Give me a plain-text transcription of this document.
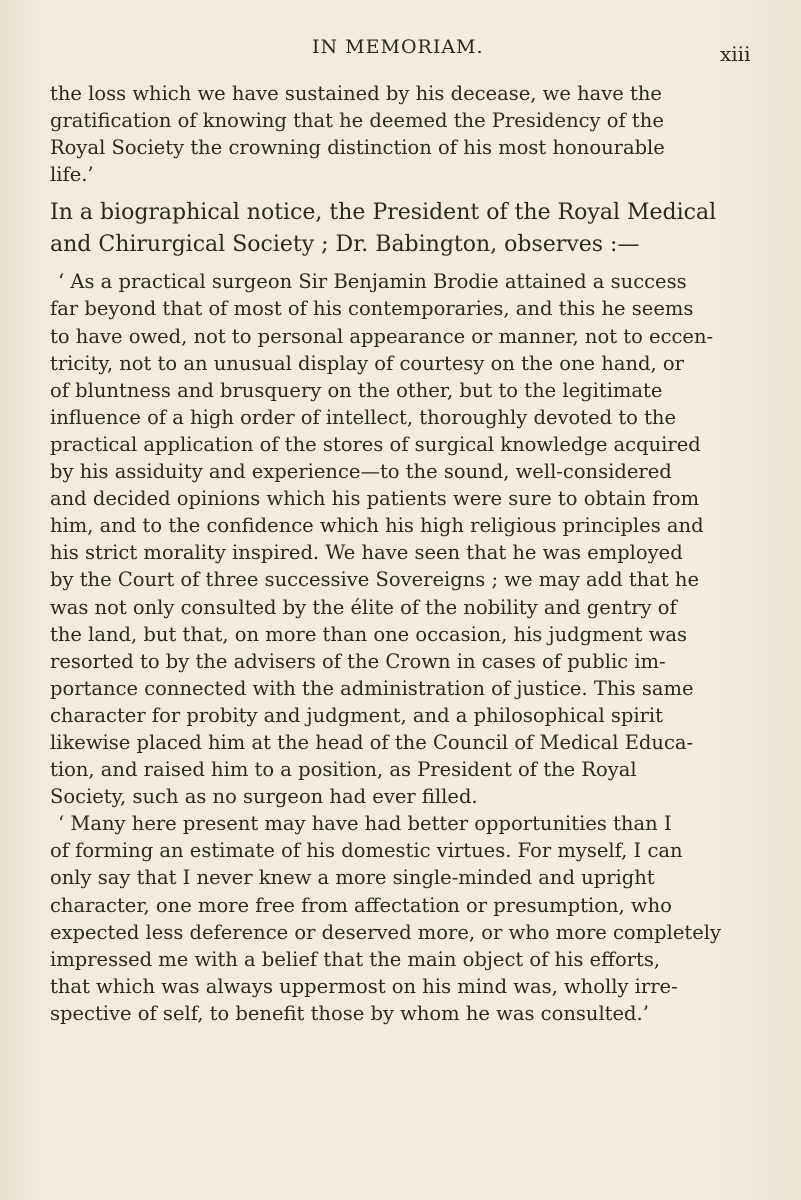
IN MEMORIAM.	xiii
the loss which we have sustained by his decease, we have the
gratification of knowing that he deemed the Presidency of the
Royal Society the crowning distinction of his most honourable
life.’
In a biographical notice, the President of the Royal Medical
and Chirurgical Society ; Dr. Babington, observes :—
‘ As a practical surgeon Sir Benjamin Brodie attained a success
far beyond that of most of his contemporaries, and this he seems
to have owed, not to personal appearance or manner, not to eccen-
tricity, not to an unusual display of courtesy on the one hand, or
of bluntness and brusquery on the other, but to the legitimate
influence of a high order of intellect, thoroughly devoted to the
practical application of the stores of surgical knowledge acquired
by his assiduity and experience—to the sound, well-considered
and decided opinions which his patients were sure to obtain from
him, and to the confidence which his high religious principles and
his strict morality inspired. We have seen that he was employed
by the Court of three successive Sovereigns ; we may add that he
was not only consulted by the élite of the nobility and gentry of
the land, but that, on more than one occasion, his judgment was
resorted to by the advisers of the Crown in cases of public im-
portance connected with the administration of justice. This same
character for probity and judgment, and a philosophical spirit
likewise placed him at the head of the Council of Medical Educa-
tion, and raised him to a position, as President of the Royal
Society, such as no surgeon had ever filled.
‘ Many here present may have had better opportunities than I
of forming an estimate of his domestic virtues. For myself, I can
only say that I never knew a more single-minded and upright
character, one more free from affectation or presumption, who
expected less deference or deserved more, or who more completely
impressed me with a belief that the main object of his efforts,
that which was always uppermost on his mind was, wholly irre-
spective of self, to benefit those by whom he was consulted.’
